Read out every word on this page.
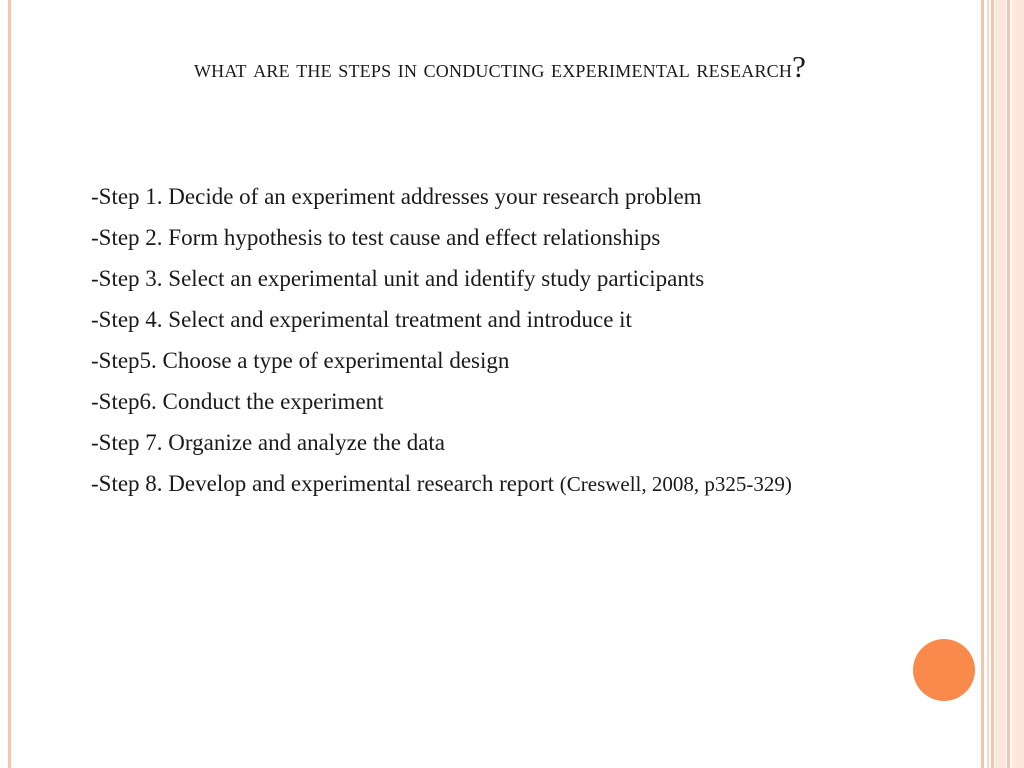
what are the steps in conducting experimental research?
-Step 1. Decide of an experiment addresses your research problem
-Step 2. Form hypothesis to test cause and effect relationships
-Step 3. Select an experimental unit and identify study participants
-Step 4. Select and experimental treatment and introduce it
-Step5. Choose a type of experimental design
-Step6. Conduct the experiment
-Step 7. Organize and analyze the data
-Step 8. Develop and experimental research report (Creswell, 2008, p325-329)
